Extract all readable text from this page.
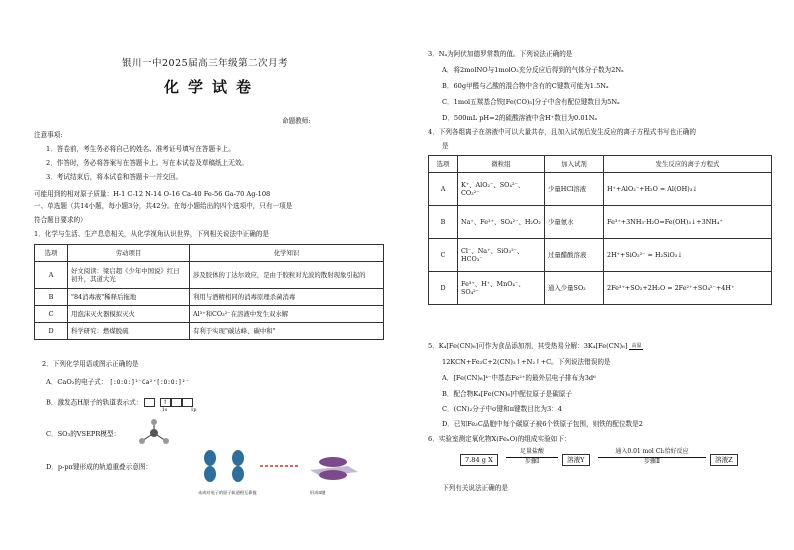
银川一中2025届高三年级第二次月考
化学试卷
命题教师:
注意事项:
1．答卷前，考生务必将自己的姓名、准考证号填写在答题卡上。
2．作答时，务必将答案写在答题卡上。写在本试卷及草稿纸上无效。
3．考试结束后，将本试卷和答题卡一并交回。
可能用到的相对原子质量：H-1 C-12 N-14 O-16 Ca-40 Fe-56 Ga-70 Ag-108
一、单选题（共14小题，每小题3分，共42分。在每小题给出的四个选项中，只有一项是
符合题目要求的）
1．化学与生活、生产息息相关，从化学视角认识世界，下列相关说法中正确的是
选项	劳动项目	化学知识
A	好文阅读：梁启超《少年中国说》红日初升，其道大光	涉及胶体的丁达尔效应，是由于胶粒对光波的散射现象引起的
B	"84消毒液"稀释后拖地	利用与酒精相同的消毒原理杀菌消毒
C	用泡沫灭火器模拟灭火	Al³⁺和CO₃²⁻在溶液中发生双水解
D	科学研究：燃煤脱硫	有利于实现"碳达峰、碳中和"
2．下列化学用语或图示正确的是
A．CaO₂的电子式： [:O:O:]²⁻Ca²⁺[:O:O:]²⁻
B．激发态H原子的轨道表示式：	↑
1s	1p
C．SO₃的VSEPR模型：
D．p-pπ键形成的轨道重叠示意图：
未成对电子的原子轨道相互靠拢	形成π键
3．Nₐ为阿伏加德罗常数的值。下列说法正确的是
A．将2molNO与1molO₂充分反应后得到的气体分子数为2Nₐ
B．60g甲醛与乙酸的混合物中含有的C键数可能为1.5Nₐ
C．1mol五羰基合铁[Fe(CO)₅]分子中含有配位键数目为5Nₐ
D．500mL pH=2的硫酸溶液中含H⁺数目为0.01Nₐ
4．下列各组离子在溶液中可以大量共存，且加入试剂后发生反应的离子方程式书写也正确的
是
选项	微粒组	加入试剂	发生反应的离子方程式
A	K⁺、AlO₂⁻、SO₄²⁻、CO₃²⁻	少量HCl溶液	H⁺+AlO₂⁻+H₂O = Al(OH)₃↓
B	Na⁺、Fe³⁺、SO₄²⁻、H₂O₂	少量氨水	Fe³⁺+3NH₃·H₂O=Fe(OH)₃↓+3NH₄⁺
C	Cl⁻、Na⁺、SiO₃²⁻、HCO₃⁻	过量醋酸溶液	2H⁺+SiO₃²⁻ = H₂SiO₃↓
D	Fe³⁺、H⁺、MnO₄⁻、SO₄²⁻	通入少量SO₂	2Fe³⁺+SO₂+2H₂O = 2Fe²⁺+SO₄²⁻+4H⁺
5．K₄[Fe(CN)₆]可作为食品添加剂，其受热易分解：3K₄[Fe(CN)₆] 高温
12KCN+Fe₃C+2(CN)₂↑+N₂↑+C。下列说法错误的是
A．[Fe(CN)₆]⁴⁻中基态Fe²⁺的最外层电子排布为3d⁶
B．配合物K₄[Fe(CN)₆]中配位原子是碳原子
C．(CN)₂分子中σ键和π键数目比为3：4
D．已知Fe₃C晶胞中每个碳原子被6个铁原子包围，则铁的配位数是2
6．实验室测定氧化物X(FeₓO)的组成实验如下：
7.84 g X
足量盐酸
步骤Ⅰ	溶液Y
通入0.01 mol Cl₂恰好反应
步骤Ⅱ	溶液Z
下列有关说法正确的是
